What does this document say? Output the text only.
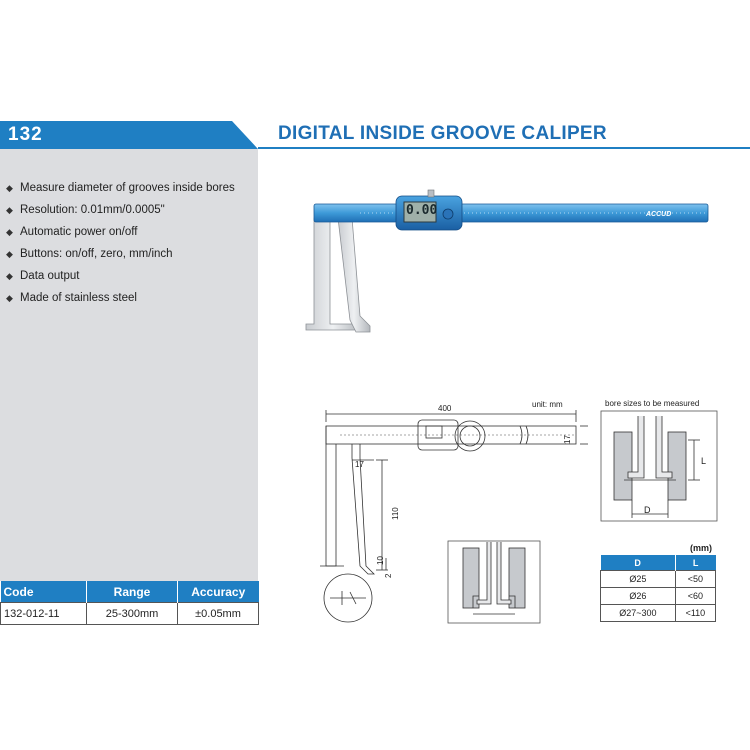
132	DIGITAL INSIDE GROOVE CALIPER
◆ Measure diameter of grooves inside bores
◆ Resolution: 0.01mm/0.0005"
◆ Automatic power on/off
◆ Buttons: on/off, zero, mm/inch
◆ Data output
◆ Made of stainless steel
Code	Range	Accuracy
132-012-11	25-300mm	±0.05mm
0.00	ACCUD
400	unit: mm
17
17
110
10
2
bore sizes to be measured
L
D
(mm)
D	L
Ø25	<50
Ø26	<60
Ø27~300	<110
